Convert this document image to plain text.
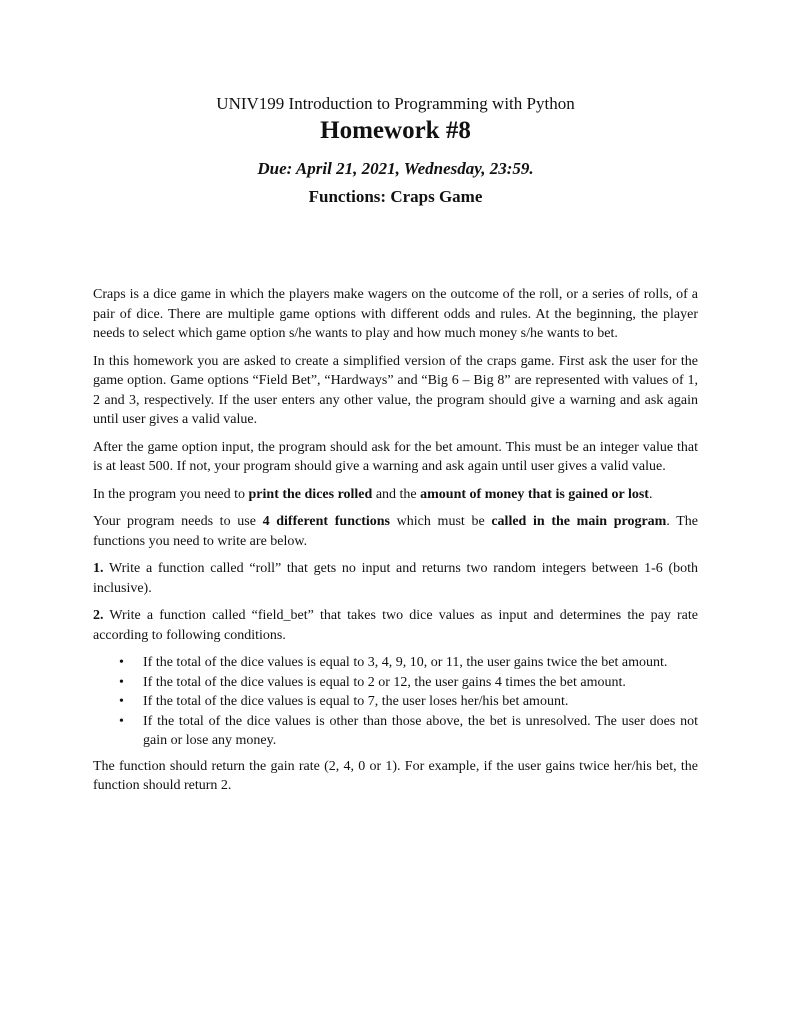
UNIV199 Introduction to Programming with Python

Homework #8

Due: April 21, 2021, Wednesday, 23:59.

Functions: Craps Game

Craps is a dice game in which the players make wagers on the outcome of the roll, or a series of rolls, of a pair of dice. There are multiple game options with different odds and rules. At the beginning, the player needs to select which game option s/he wants to play and how much money s/he wants to bet.

In this homework you are asked to create a simplified version of the craps game. First ask the user for the game option. Game options “Field Bet”, “Hardways” and “Big 6 – Big 8” are represented with values of 1, 2 and 3, respectively. If the user enters any other value, the program should give a warning and ask again until user gives a valid value.

After the game option input, the program should ask for the bet amount. This must be an integer value that is at least 500. If not, your program should give a warning and ask again until user gives a valid value.

In the program you need to print the dices rolled and the amount of money that is gained or lost.

Your program needs to use 4 different functions which must be called in the main program. The functions you need to write are below.

1. Write a function called “roll” that gets no input and returns two random integers between 1-6 (both inclusive).

2. Write a function called “field_bet” that takes two dice values as input and determines the pay rate according to following conditions.

• If the total of the dice values is equal to 3, 4, 9, 10, or 11, the user gains twice the bet amount.
• If the total of the dice values is equal to 2 or 12, the user gains 4 times the bet amount.
• If the total of the dice values is equal to 7, the user loses her/his bet amount.
• If the total of the dice values is other than those above, the bet is unresolved. The user does not gain or lose any money.

The function should return the gain rate (2, 4, 0 or 1). For example, if the user gains twice her/his bet, the function should return 2.
